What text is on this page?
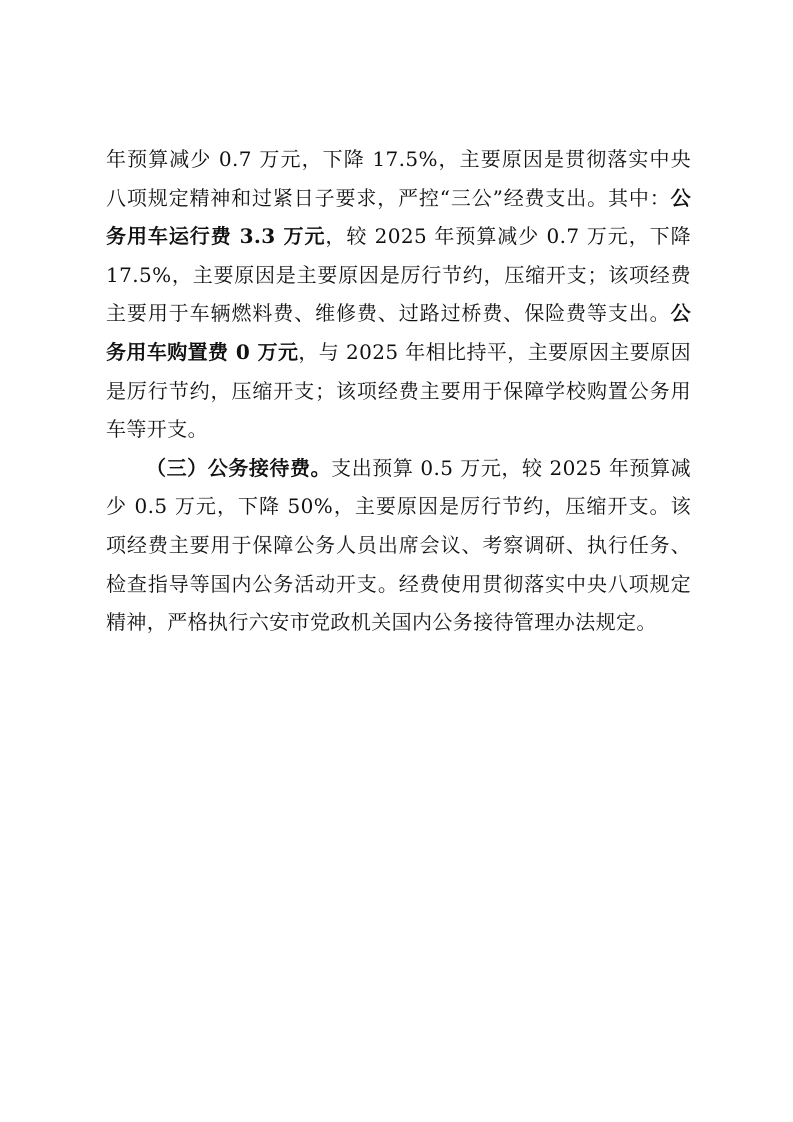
年预算减少 0.7 万元，下降 17.5%，主要原因是贯彻落实中央八项规定精神和过紧日子要求，严控“三公”经费支出。其中：公务用车运行费 3.3 万元，较 2025 年预算减少 0.7 万元，下降 17.5%，主要原因是主要原因是厉行节约，压缩开支；该项经费主要用于车辆燃料费、维修费、过路过桥费、保险费等支出。公务用车购置费 0 万元，与 2025 年相比持平，主要原因主要原因是厉行节约，压缩开支；该项经费主要用于保障学校购置公务用车等开支。

（三）公务接待费。支出预算 0.5 万元，较 2025 年预算减少 0.5 万元，下降 50%，主要原因是厉行节约，压缩开支。该项经费主要用于保障公务人员出席会议、考察调研、执行任务、检查指导等国内公务活动开支。经费使用贯彻落实中央八项规定精神，严格执行六安市党政机关国内公务接待管理办法规定。
